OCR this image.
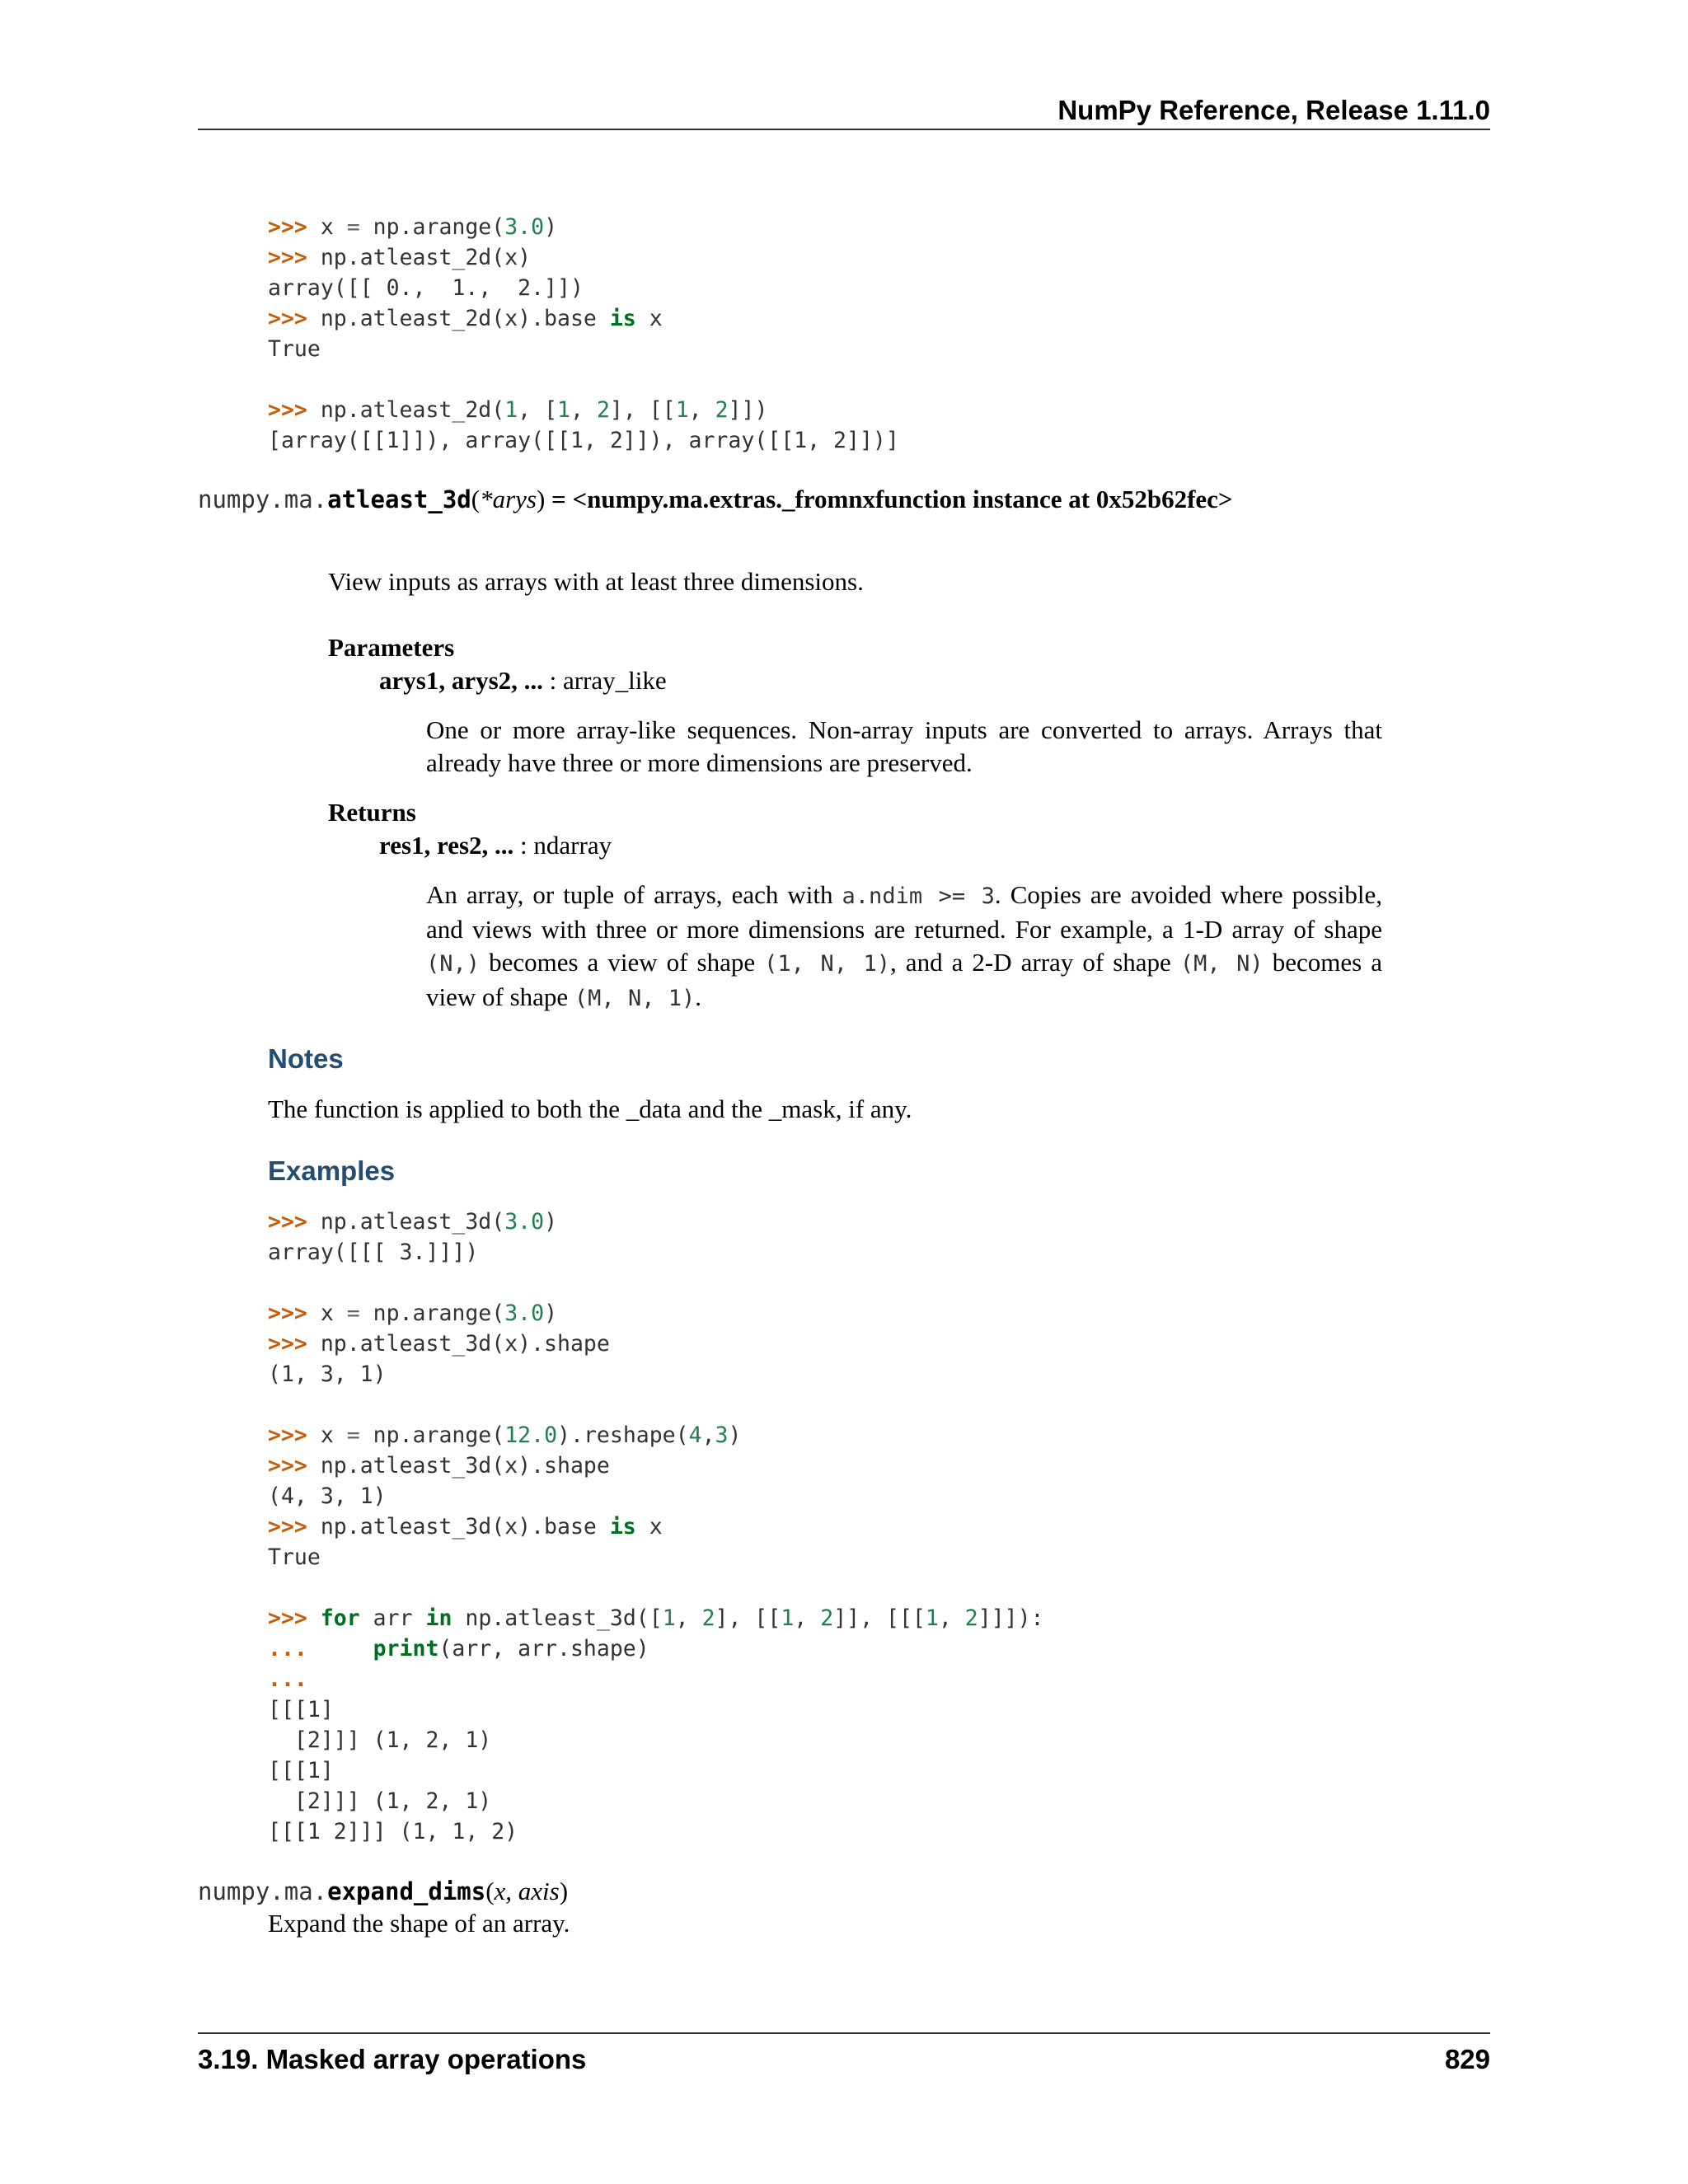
NumPy Reference, Release 1.11.0
>>> x = np.arange(3.0)
>>> np.atleast_2d(x)
array([[ 0.,  1.,  2.]])
>>> np.atleast_2d(x).base is x
True
>>> np.atleast_2d(1, [1, 2], [[1, 2]])
[array([[1]]), array([[1, 2]]), array([[1, 2]])]
numpy.ma.atleast_3d(*arys) = <numpy.ma.extras._fromnxfunction instance at 0x52b62fec>
View inputs as arrays with at least three dimensions.
Parameters
arys1, arys2, ... : array_like
One or more array-like sequences. Non-array inputs are converted to arrays. Arrays that already have three or more dimensions are preserved.
Returns
res1, res2, ... : ndarray
An array, or tuple of arrays, each with a.ndim >= 3. Copies are avoided where possible, and views with three or more dimensions are returned. For example, a 1-D array of shape (N,) becomes a view of shape (1, N, 1), and a 2-D array of shape (M, N) becomes a view of shape (M, N, 1).
Notes
The function is applied to both the _data and the _mask, if any.
Examples
>>> np.atleast_3d(3.0)
array([[[ 3.]]])
>>> x = np.arange(3.0)
>>> np.atleast_3d(x).shape
(1, 3, 1)
>>> x = np.arange(12.0).reshape(4,3)
>>> np.atleast_3d(x).shape
(4, 3, 1)
>>> np.atleast_3d(x).base is x
True
>>> for arr in np.atleast_3d([1, 2], [[1, 2]], [[[1, 2]]]):
...     print(arr, arr.shape)
...
[[[1]
[2]]] (1, 2, 1)
[[[1]
[2]]] (1, 2, 1)
[[[1 2]]] (1, 1, 2)
numpy.ma.expand_dims(x, axis)
Expand the shape of an array.
3.19. Masked array operations	829
